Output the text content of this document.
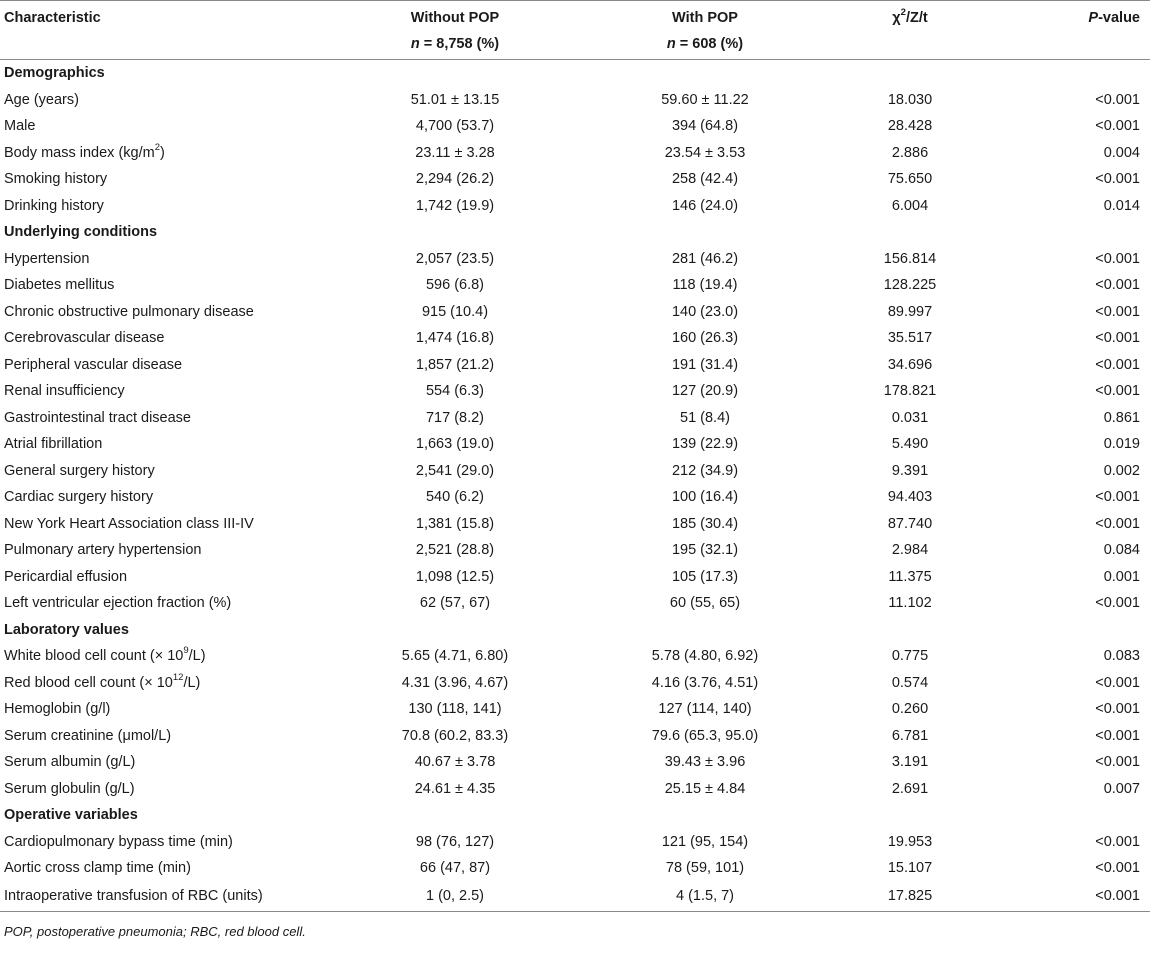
Characteristic	Without POP	With POP	$\chi^2/Z/t$	P-value
	n = 8,758 (%)	n = 608 (%)		
Demographics				
Age (years)	51.01 ± 13.15	59.60 ± 11.22	18.030	<0.001
Male	4,700 (53.7)	394 (64.8)	28.428	<0.001
Body mass index $(kg/m^2)$	23.11 ± 3.28	23.54 ± 3.53	2.886	0.004
Smoking history	2,294 (26.2)	258 (42.4)	75.650	<0.001
Drinking history	1,742 (19.9)	146 (24.0)	6.004	0.014
Underlying conditions				
Hypertension	2,057 (23.5)	281 (46.2)	156.814	<0.001
Diabetes mellitus	596 (6.8)	118 (19.4)	128.225	<0.001
Chronic obstructive pulmonary disease	915 (10.4)	140 (23.0)	89.997	<0.001
Cerebrovascular disease	1,474 (16.8)	160 (26.3)	35.517	<0.001
Peripheral vascular disease	1,857 (21.2)	191 (31.4)	34.696	<0.001
Renal insufficiency	554 (6.3)	127 (20.9)	178.821	<0.001
Gastrointestinal tract disease	717 (8.2)	51 (8.4)	0.031	0.861
Atrial fibrillation	1,663 (19.0)	139 (22.9)	5.490	0.019
General surgery history	2,541 (29.0)	212 (34.9)	9.391	0.002
Cardiac surgery history	540 (6.2)	100 (16.4)	94.403	<0.001
New York Heart Association class III-IV	1,381 (15.8)	185 (30.4)	87.740	<0.001
Pulmonary artery hypertension	2,521 (28.8)	195 (32.1)	2.984	0.084
Pericardial effusion	1,098 (12.5)	105 (17.3)	11.375	0.001
Left ventricular ejection fraction (%)	62 (57, 67)	60 (55, 65)	11.102	<0.001
Laboratory values				
White blood cell count (× $10^9/L$)	5.65 (4.71, 6.80)	5.78 (4.80, 6.92)	0.775	0.083
Red blood cell count (× $10^{12}/L$)	4.31 (3.96, 4.67)	4.16 (3.76, 4.51)	0.574	<0.001
Hemoglobin (g/l)	130 (118, 141)	127 (114, 140)	0.260	<0.001
Serum creatinine (μmol/L)	70.8 (60.2, 83.3)	79.6 (65.3, 95.0)	6.781	<0.001
Serum albumin (g/L)	40.67 ± 3.78	39.43 ± 3.96	3.191	<0.001
Serum globulin (g/L)	24.61 ± 4.35	25.15 ± 4.84	2.691	0.007
Operative variables				
Cardiopulmonary bypass time (min)	98 (76, 127)	121 (95, 154)	19.953	<0.001
Aortic cross clamp time (min)	66 (47, 87)	78 (59, 101)	15.107	<0.001
Intraoperative transfusion of RBC (units)	1 (0, 2.5)	4 (1.5, 7)	17.825	<0.001
POP, postoperative pneumonia; RBC, red blood cell.
